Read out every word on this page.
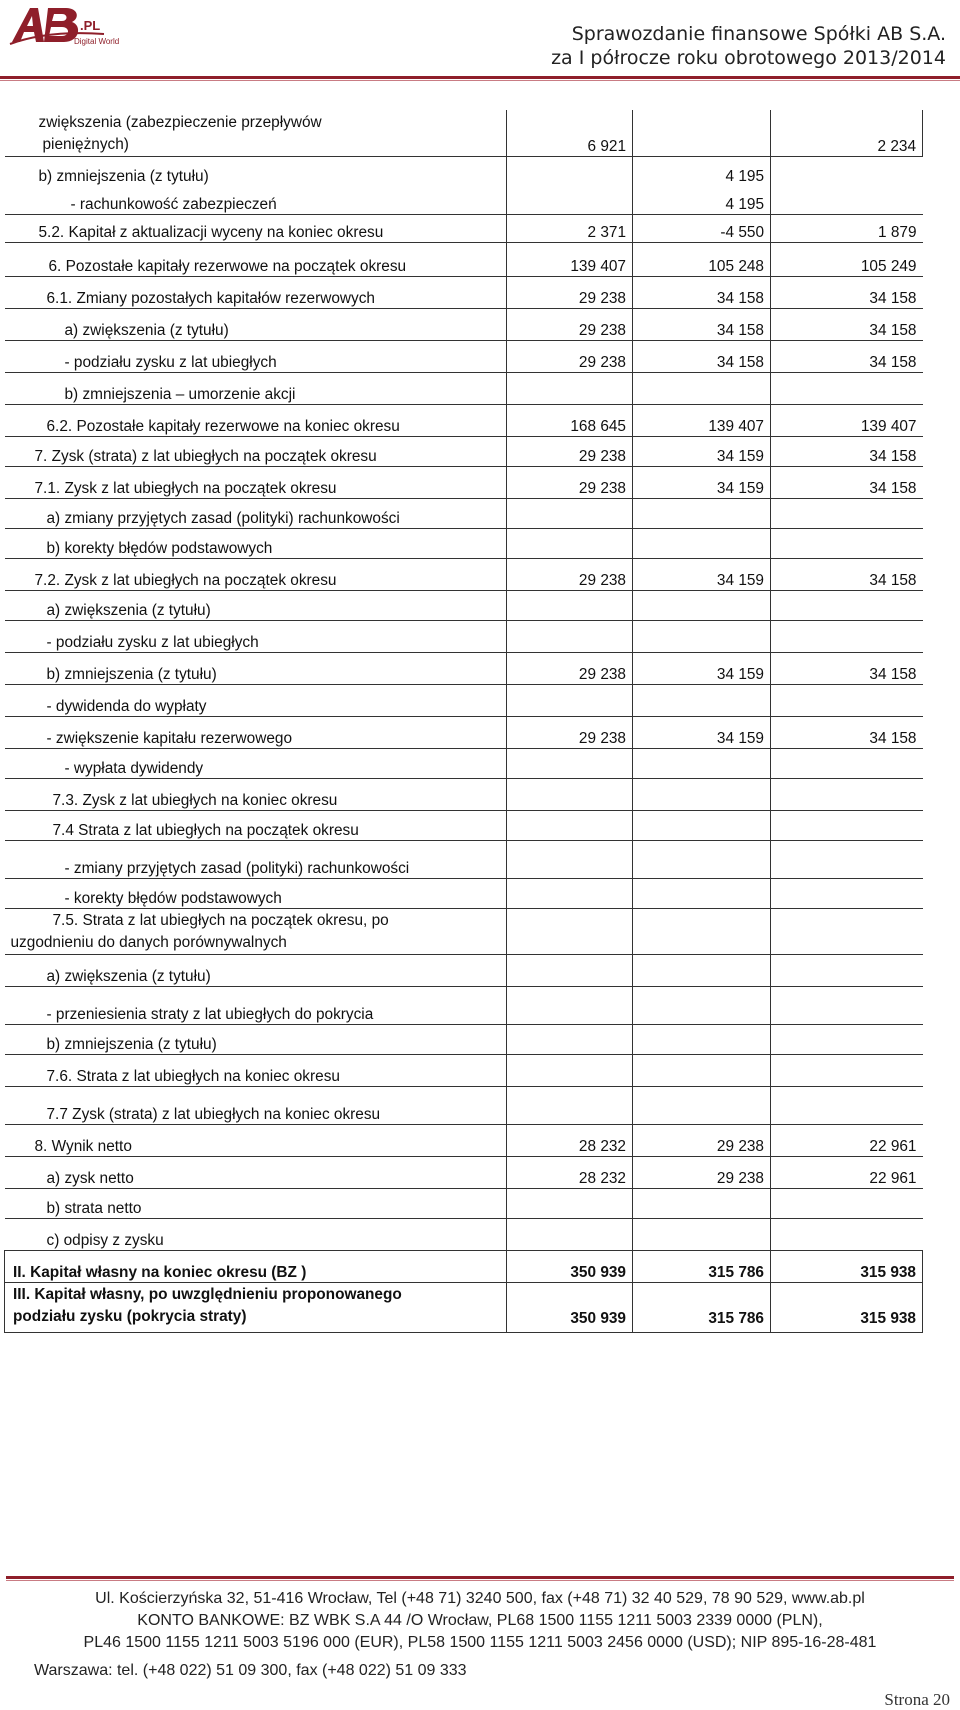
.PL
Digital World	Sprawozdanie finansowe Spółki AB S.A.
za I półrocze roku obrotowego 2013/2014
zwiększenia (zabezpieczenie przepływów
pieniężnych)	6 921		2 234
b) zmniejszenia (z tytułu)		4 195	
- rachunkowość zabezpieczeń		4 195	
5.2. Kapitał z aktualizacji wyceny na koniec okresu	2 371	-4 550	1 879
6. Pozostałe kapitały rezerwowe na początek okresu	139 407	105 248	105 249
6.1. Zmiany pozostałych kapitałów rezerwowych	29 238	34 158	34 158
a) zwiększenia (z tytułu)	29 238	34 158	34 158
- podziału zysku z lat ubiegłych	29 238	34 158	34 158
b) zmniejszenia – umorzenie akcji			
6.2. Pozostałe kapitały rezerwowe na koniec okresu	168 645	139 407	139 407
7. Zysk (strata) z lat ubiegłych na początek okresu	29 238	34 159	34 158
7.1. Zysk z lat ubiegłych na początek okresu	29 238	34 159	34 158
a) zmiany przyjętych zasad (polityki) rachunkowości			
b) korekty błędów podstawowych			
7.2. Zysk z lat ubiegłych na początek okresu	29 238	34 159	34 158
a) zwiększenia (z tytułu)			
- podziału zysku z lat ubiegłych			
b) zmniejszenia (z tytułu)	29 238	34 159	34 158
- dywidenda do wypłaty			
- zwiększenie kapitału rezerwowego	29 238	34 159	34 158
- wypłata dywidendy			
7.3. Zysk z lat ubiegłych na koniec okresu			
7.4 Strata z lat ubiegłych na początek okresu			
- zmiany przyjętych zasad (polityki) rachunkowości			
- korekty błędów podstawowych			

7.5. Strata z lat ubiegłych na początek okresu, po
uzgodnieniu do danych porównywalnych			

a) zwiększenia (z tytułu)			
- przeniesienia straty z lat ubiegłych do pokrycia			
b) zmniejszenia (z tytułu)			
7.6. Strata z lat ubiegłych na koniec okresu			
7.7 Zysk (strata) z lat ubiegłych na koniec okresu			
8. Wynik netto	28 232	29 238	22 961
a) zysk netto	28 232	29 238	22 961
b) strata netto			
c) odpisy z zysku			
II. Kapitał własny na koniec okresu (BZ )	350 939	315 786	315 938

III. Kapitał własny, po uwzględnieniu proponowanego
podziału zysku (pokrycia straty)	350 939	315 786	315 938
Ul. Kościerzyńska 32, 51-416 Wrocław, Tel (+48 71) 3240 500, fax (+48 71) 32 40 529, 78 90 529, www.ab.pl
KONTO BANKOWE: BZ WBK S.A 44 /O Wrocław, PL68 1500 1155 1211 5003 2339 0000 (PLN),
PL46 1500 1155 1211 5003 5196 000 (EUR), PL58 1500 1155 1211 5003 2456 0000 (USD); NIP 895-16-28-481
Warszawa: tel. (+48 022) 51 09 300, fax (+48 022) 51 09 333
Strona 20
